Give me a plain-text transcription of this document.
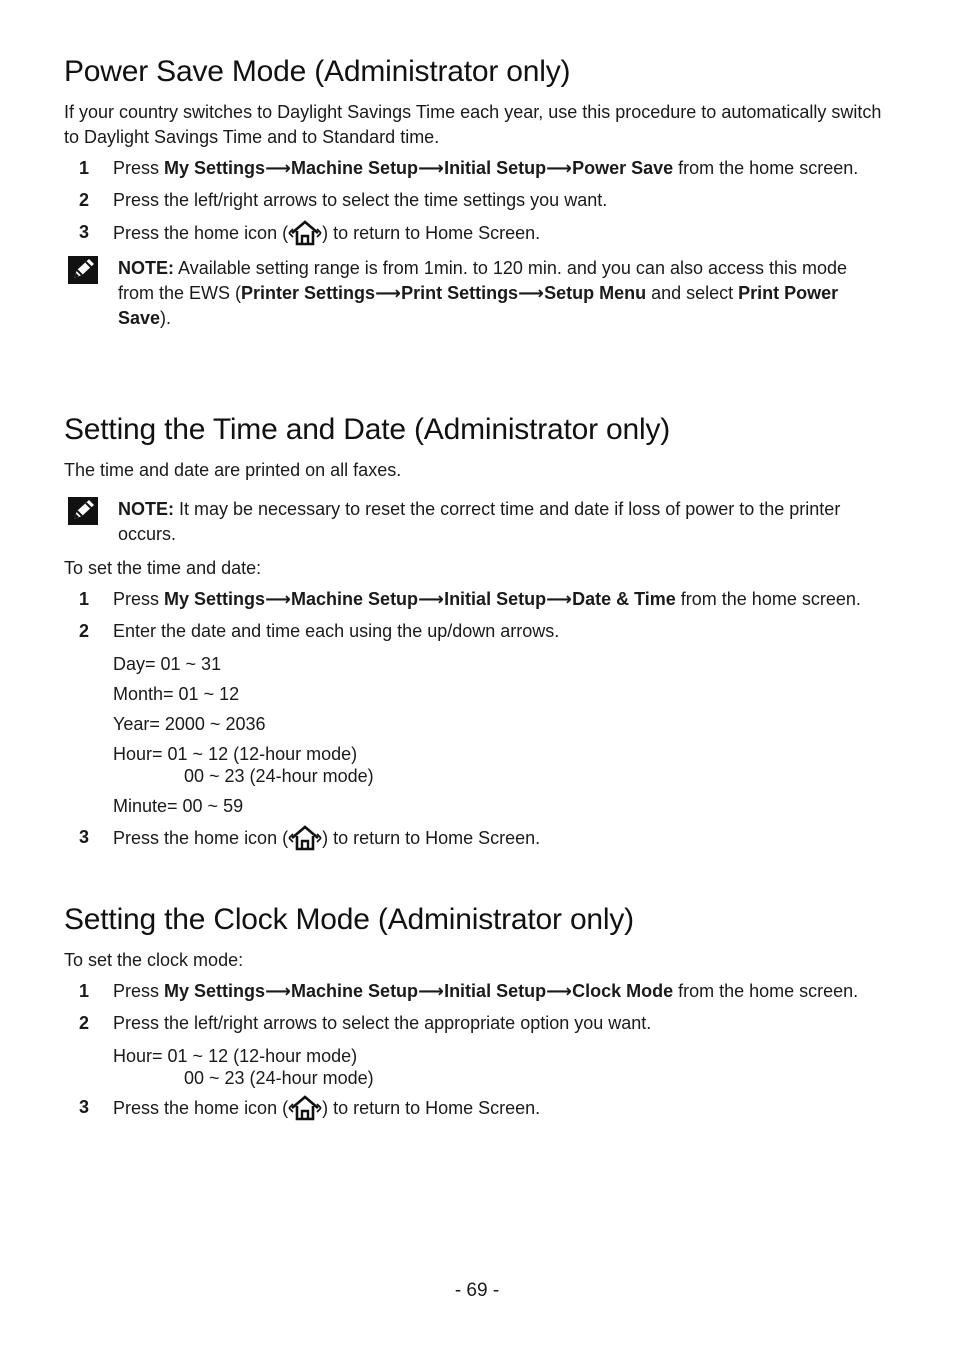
Power Save Mode (Administrator only)

If your country switches to Daylight Savings Time each year, use this procedure to automatically switch to Daylight Savings Time and to Standard time.

1 Press My Settings⟶Machine Setup⟶Initial Setup⟶Power Save from the home screen.
2 Press the left/right arrows to select the time settings you want.
3 Press the home icon ( ) to return to Home Screen.
NOTE: Available setting range is from 1min. to 120 min. and you can also access this mode from the EWS (Printer Settings⟶Print Settings⟶Setup Menu and select Print Power Save).
Setting the Time and Date (Administrator only)

The time and date are printed on all faxes.

NOTE: It may be necessary to reset the correct time and date if loss of power to the printer occurs.

To set the time and date:

1 Press My Settings⟶Machine Setup⟶Initial Setup⟶Date & Time from the home screen.
2 Enter the date and time each using the up/down arrows.
Day= 01 ~ 31
Month= 01 ~ 12
Year= 2000 ~ 2036
Hour= 01 ~ 12 (12-hour mode)
00 ~ 23 (24-hour mode)
Minute= 00 ~ 59
3 Press the home icon ( ) to return to Home Screen.
Setting the Clock Mode (Administrator only)

To set the clock mode:

1 Press My Settings⟶Machine Setup⟶Initial Setup⟶Clock Mode from the home screen.
2 Press the left/right arrows to select the appropriate option you want.
Hour= 01 ~ 12 (12-hour mode)
00 ~ 23 (24-hour mode)
3 Press the home icon ( ) to return to Home Screen.
- 69 -
